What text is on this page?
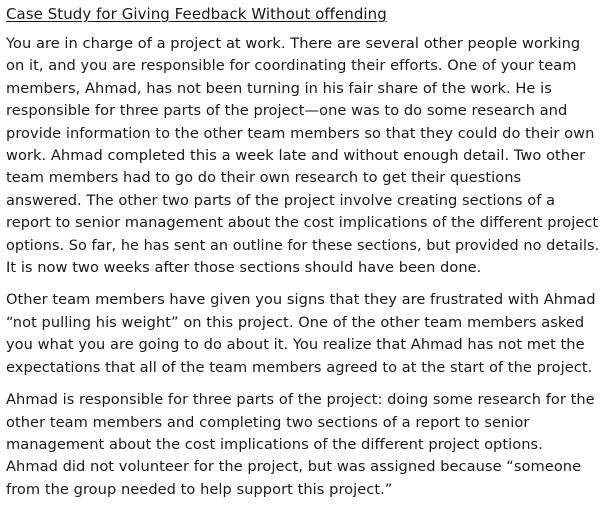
Case Study for Giving Feedback Without offending
You are in charge of a project at work. There are several other people working
on it, and you are responsible for coordinating their efforts. One of your team
members, Ahmad, has not been turning in his fair share of the work. He is
responsible for three parts of the project—one was to do some research and
provide information to the other team members so that they could do their own
work. Ahmad completed this a week late and without enough detail. Two other
team members had to go do their own research to get their questions
answered. The other two parts of the project involve creating sections of a
report to senior management about the cost implications of the different project
options. So far, he has sent an outline for these sections, but provided no details.
It is now two weeks after those sections should have been done.
Other team members have given you signs that they are frustrated with Ahmad
“not pulling his weight” on this project. One of the other team members asked
you what you are going to do about it. You realize that Ahmad has not met the
expectations that all of the team members agreed to at the start of the project.
Ahmad is responsible for three parts of the project: doing some research for the
other team members and completing two sections of a report to senior
management about the cost implications of the different project options.
Ahmad did not volunteer for the project, but was assigned because “someone
from the group needed to help support this project.”
